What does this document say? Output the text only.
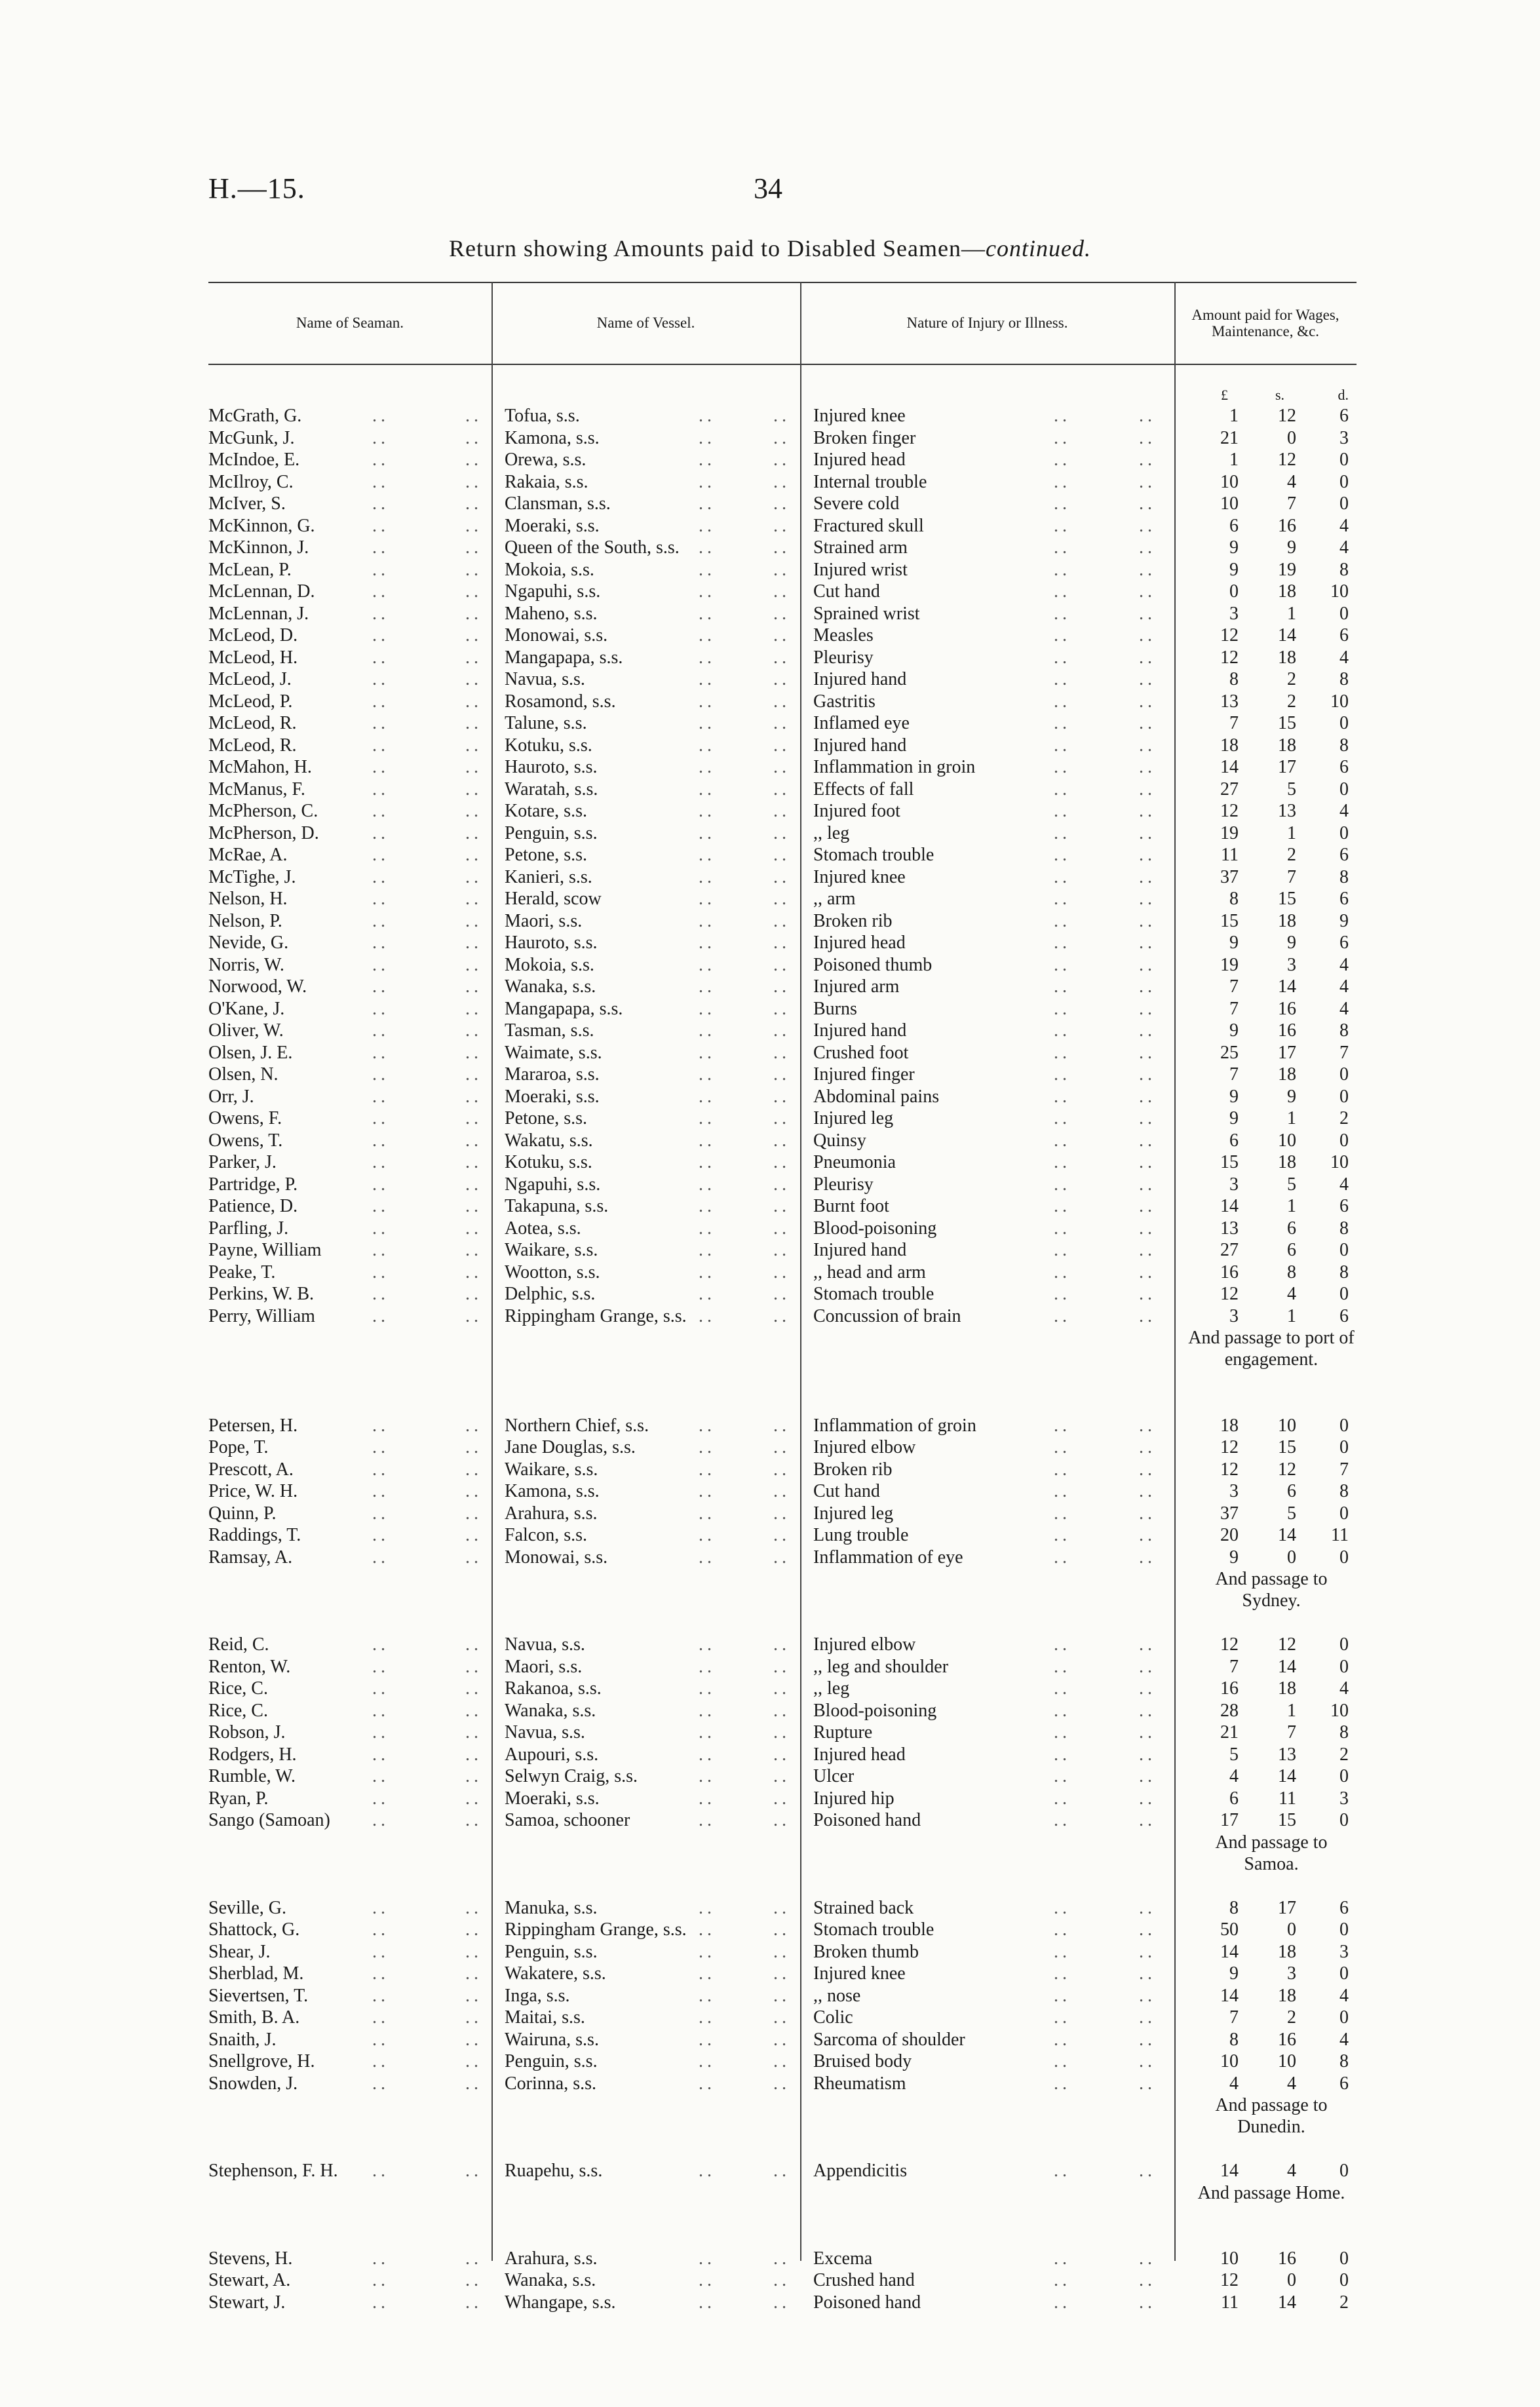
H.—15.	34
Return showing Amounts paid to Disabled Seamen—continued.
Name of Seaman.	Name of Vessel.	Nature of Injury or Illness.	Amount paid for Wages, Maintenance, &c.
£	s.	d.
McGrath, G.	..	.. Tofua, s.s.	..	.. Injured knee	..	..	1	12	6
McGunk, J.	..	.. Kamona, s.s.	..	.. Broken finger	..	..	21	0	3
McIndoe, E.	..	.. Orewa, s.s.	..	.. Injured head	..	..	1	12	0
McIlroy, C.	..	.. Rakaia, s.s.	..	.. Internal trouble	..	..	10	4	0
McIver, S.	..	.. Clansman, s.s.	..	.. Severe cold	..	..	10	7	0
McKinnon, G.	..	.. Moeraki, s.s.	..	.. Fractured skull	..	..	6	16	4
McKinnon, J.	..	.. Queen of the South, s.s. ..	.. Strained arm	..	..	9	9	4
McLean, P.	..	.. Mokoia, s.s.	..	.. Injured wrist	..	..	9	19	8
McLennan, D.	..	.. Ngapuhi, s.s.	..	.. Cut hand	..	..	0	18	10
McLennan, J.	..	.. Maheno, s.s.	..	.. Sprained wrist	..	..	3	1	0
McLeod, D.	..	.. Monowai, s.s.	..	.. Measles	..	..	12	14	6
McLeod, H.	..	.. Mangapapa, s.s.	..	.. Pleurisy	..	..	12	18	4
McLeod, J.	..	.. Navua, s.s.	..	.. Injured hand	..	..	8	2	8
McLeod, P.	..	.. Rosamond, s.s.	..	.. Gastritis	..	..	13	2	10
McLeod, R.	..	.. Talune, s.s.	..	.. Inflamed eye	..	..	7	15	0
McLeod, R.	..	.. Kotuku, s.s.	..	.. Injured hand	..	..	18	18	8
McMahon, H.	..	.. Hauroto, s.s.	..	.. Inflammation in groin	..	..	14	17	6
McManus, F.	..	.. Waratah, s.s.	..	.. Effects of fall	..	..	27	5	0
McPherson, C.	..	.. Kotare, s.s.	..	.. Injured foot	..	..	12	13	4
McPherson, D.	..	.. Penguin, s.s.	..	.. ,, leg	..	..	19	1	0
McRae, A.	..	.. Petone, s.s.	..	.. Stomach trouble	..	..	11	2	6
McTighe, J.	..	.. Kanieri, s.s.	..	.. Injured knee	..	..	37	7	8
Nelson, H.	..	.. Herald, scow	..	.. ,, arm	..	..	8	15	6
Nelson, P.	..	.. Maori, s.s.	..	.. Broken rib	..	..	15	18	9
Nevide, G.	..	.. Hauroto, s.s.	..	.. Injured head	..	..	9	9	6
Norris, W.	..	.. Mokoia, s.s.	..	.. Poisoned thumb	..	..	19	3	4
Norwood, W.	..	.. Wanaka, s.s.	..	.. Injured arm	..	..	7	14	4
O'Kane, J.	..	.. Mangapapa, s.s.	..	.. Burns	..	..	7	16	4
Oliver, W.	..	.. Tasman, s.s.	..	.. Injured hand	..	..	9	16	8
Olsen, J. E.	..	.. Waimate, s.s.	..	.. Crushed foot	..	..	25	17	7
Olsen, N.	..	.. Mararoa, s.s.	..	.. Injured finger	..	..	7	18	0
Orr, J.	..	.. Moeraki, s.s.	..	.. Abdominal pains	..	..	9	9	0
Owens, F.	..	.. Petone, s.s.	..	.. Injured leg	..	..	9	1	2
Owens, T.	..	.. Wakatu, s.s.	..	.. Quinsy	..	..	6	10	0
Parker, J.	..	.. Kotuku, s.s.	..	.. Pneumonia	..	..	15	18	10
Partridge, P.	..	.. Ngapuhi, s.s.	..	.. Pleurisy	..	..	3	5	4
Patience, D.	..	.. Takapuna, s.s.	..	.. Burnt foot	..	..	14	1	6
Parfling, J.	..	.. Aotea, s.s.	..	.. Blood-poisoning	..	..	13	6	8
Payne, William	..	.. Waikare, s.s.	..	.. Injured hand	..	..	27	6	0
Peake, T.	..	.. Wootton, s.s.	..	.. ,, head and arm	..	..	16	8	8
Perkins, W. B.	..	.. Delphic, s.s.	..	.. Stomach trouble	..	..	12	4	0
Perry, William	..	.. Rippingham Grange, s.s. ..	.. Concussion of brain	..	..	3	1	6
And passage to port of engagement.
Petersen, H.	..	.. Northern Chief, s.s.	..	.. Inflammation of groin	..	..	18	10	0
Pope, T.	..	.. Jane Douglas, s.s.	..	.. Injured elbow	..	..	12	15	0
Prescott, A.	..	.. Waikare, s.s.	..	.. Broken rib	..	..	12	12	7
Price, W. H.	..	.. Kamona, s.s.	..	.. Cut hand	..	..	3	6	8
Quinn, P.	..	.. Arahura, s.s.	..	.. Injured leg	..	..	37	5	0
Raddings, T.	..	.. Falcon, s.s.	..	.. Lung trouble	..	..	20	14	11
Ramsay, A.	..	.. Monowai, s.s.	..	.. Inflammation of eye	..	..	9	0	0
And passage to Sydney.
Reid, C.	..	.. Navua, s.s.	..	.. Injured elbow	..	..	12	12	0
Renton, W.	..	.. Maori, s.s.	..	.. ,, leg and shoulder	..	..	7	14	0
Rice, C.	..	.. Rakanoa, s.s.	..	.. ,, leg	..	..	16	18	4
Rice, C.	..	.. Wanaka, s.s.	..	.. Blood-poisoning	..	..	28	1	10
Robson, J.	..	.. Navua, s.s.	..	.. Rupture	..	..	21	7	8
Rodgers, H.	..	.. Aupouri, s.s.	..	.. Injured head	..	..	5	13	2
Rumble, W.	..	.. Selwyn Craig, s.s.	..	.. Ulcer	..	..	4	14	0
Ryan, P.	..	.. Moeraki, s.s.	..	.. Injured hip	..	..	6	11	3
Sango (Samoan) ..	.. Samoa, schooner	..	.. Poisoned hand	..	..	17	15	0
And passage to Samoa.
Seville, G.	..	.. Manuka, s.s.	..	.. Strained back	..	..	8	17	6
Shattock, G.	..	.. Rippingham Grange, s.s. ..	.. Stomach trouble	..	..	50	0	0
Shear, J.	..	.. Penguin, s.s.	..	.. Broken thumb	..	..	14	18	3
Sherblad, M.	..	.. Wakatere, s.s.	..	.. Injured knee	..	..	9	3	0
Sievertsen, T.	..	.. Inga, s.s.	..	.. ,, nose	..	..	14	18	4
Smith, B. A.	..	.. Maitai, s.s.	..	.. Colic	..	..	7	2	0
Snaith, J.	..	.. Wairuna, s.s.	..	.. Sarcoma of shoulder	..	..	8	16	4
Snellgrove, H.	..	.. Penguin, s.s.	..	.. Bruised body	..	..	10	10	8
Snowden, J.	..	.. Corinna, s.s.	..	.. Rheumatism	..	..	4	4	6
And passage to Dunedin.
Stephenson, F. H. ..	.. Ruapehu, s.s.	..	.. Appendicitis	..	..	14	4	0
And passage Home.
Stevens, H.	..	.. Arahura, s.s.	..	.. Excema	..	..	10	16	0
Stewart, A.	..	.. Wanaka, s.s.	..	.. Crushed hand	..	..	12	0	0
Stewart, J.	..	.. Whangape, s.s.	..	.. Poisoned hand	..	..	11	14	2
